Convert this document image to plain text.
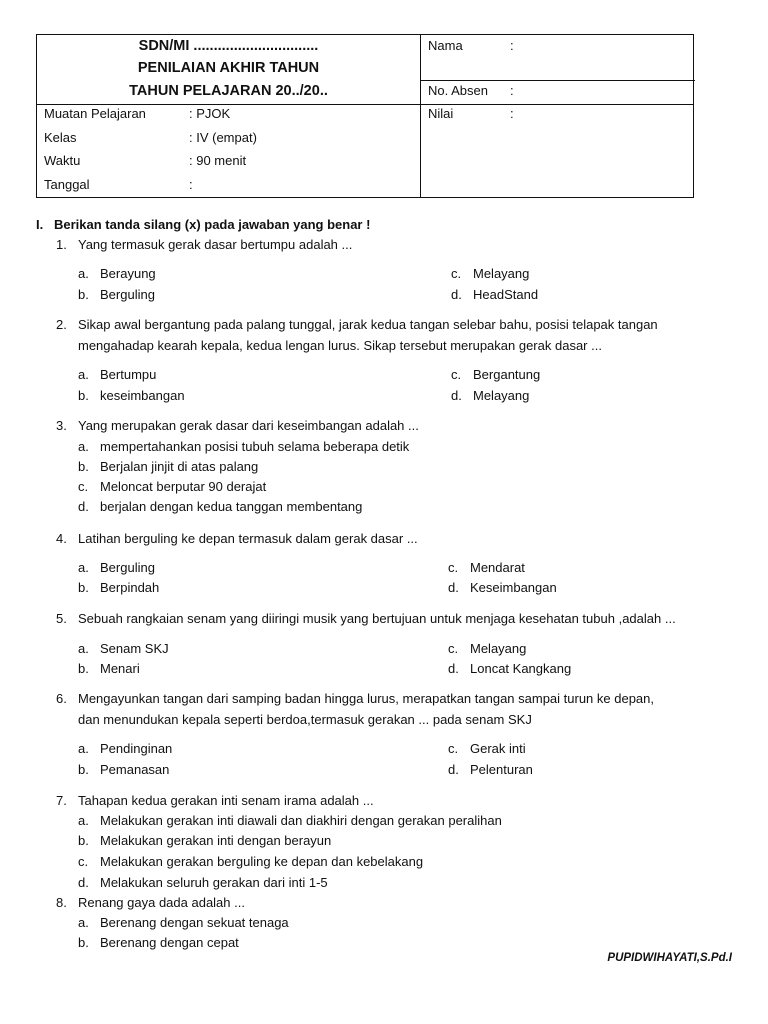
SDN/MI ...............................
PENILAIAN AKHIR TAHUN
TAHUN PELAJARAN 20../20..
Muatan Pelajaran	: PJOK
Kelas	: IV (empat)
Waktu	: 90 menit
Tanggal	:
Nama	:
No. Absen :
Nilai	:
I. Berikan tanda silang (x) pada jawaban yang benar !
1. Yang termasuk gerak dasar bertumpu adalah ...
a. Berayung	c. Melayang
b. Berguling	d. HeadStand
2. Sikap awal bergantung pada palang tunggal, jarak kedua tangan selebar bahu, posisi telapak tangan
mengahadap kearah kepala, kedua lengan lurus. Sikap tersebut merupakan gerak dasar ...
a. Bertumpu	c. Bergantung
b. keseimbangan	d. Melayang
3. Yang merupakan gerak dasar dari keseimbangan adalah ...
a. mempertahankan posisi tubuh selama beberapa detik
b. Berjalan jinjit di atas palang
c. Meloncat berputar 90 derajat
d. berjalan dengan kedua tanggan membentang
4. Latihan berguling ke depan termasuk dalam gerak dasar ...
a. Berguling	c. Mendarat
b. Berpindah	d. Keseimbangan
5. Sebuah rangkaian senam yang diiringi musik yang bertujuan untuk menjaga kesehatan tubuh ,adalah ...
a. Senam SKJ	c. Melayang
b. Menari	d. Loncat Kangkang
6. Mengayunkan tangan dari samping badan hingga lurus, merapatkan tangan sampai turun ke depan,
dan menundukan kepala seperti berdoa,termasuk gerakan ... pada senam SKJ
a. Pendinginan	c. Gerak inti
b. Pemanasan	d. Pelenturan
7. Tahapan kedua gerakan inti senam irama adalah ...
a. Melakukan gerakan inti diawali dan diakhiri dengan gerakan peralihan
b. Melakukan gerakan inti dengan berayun
c. Melakukan gerakan berguling ke depan dan kebelakang
d. Melakukan seluruh gerakan dari inti 1-5
8. Renang gaya dada adalah ...
a. Berenang dengan sekuat tenaga
b. Berenang dengan cepat
PUPIDWIHAYATI,S.Pd.I
